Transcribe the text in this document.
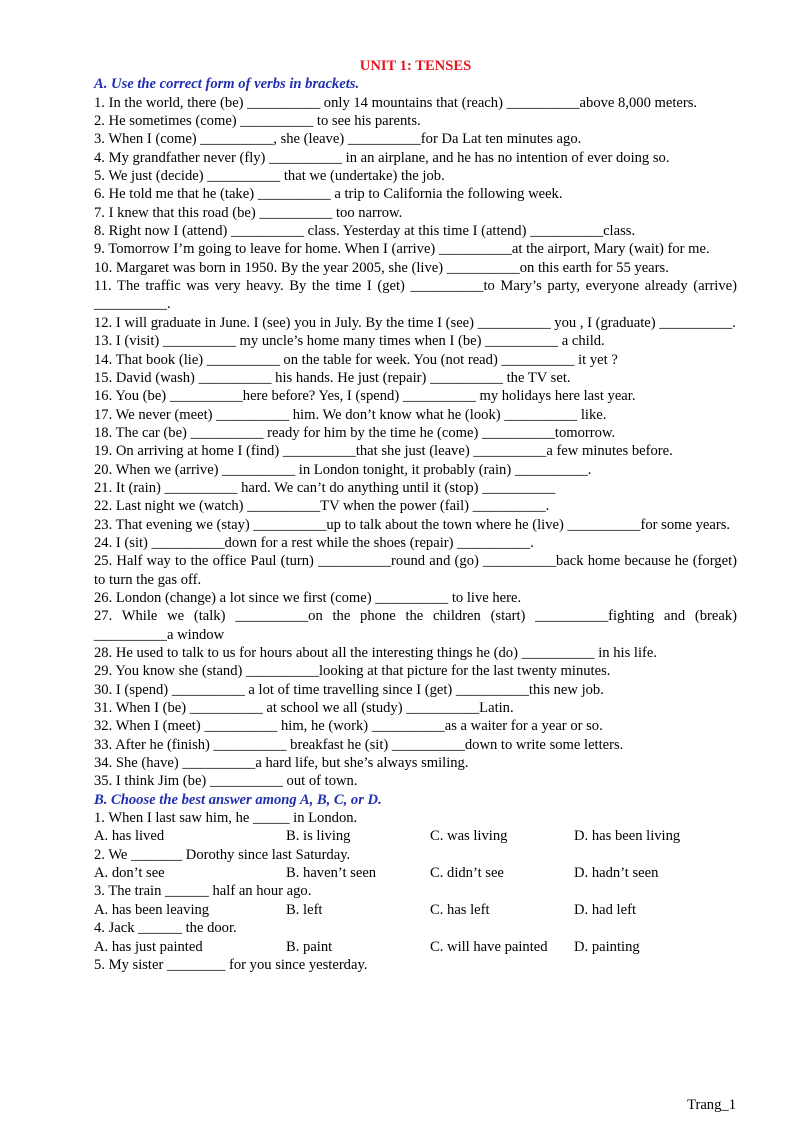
UNIT 1: TENSES
A. Use the correct form of verbs in brackets.
1. In the world, there (be) __________ only 14 mountains that (reach) __________above 8,000 meters.
2. He sometimes (come) __________ to see his parents.
3. When I (come) __________, she (leave) __________for Da Lat ten minutes ago.
4. My grandfather never (fly) __________ in an airplane, and he has no intention of ever doing so.
5. We just (decide) __________ that we (undertake) the job.
6. He told me that he (take) __________ a trip to California the following week.
7. I knew that this road (be) __________ too narrow.
8. Right now I (attend) __________ class. Yesterday at this time I (attend) __________class.
9. Tomorrow I’m going to leave for home. When I (arrive) __________at the airport, Mary (wait) for me.
10. Margaret was born in 1950. By the year 2005, she (live) __________on this earth for 55 years.
11. The traffic was very heavy. By the time I (get) __________to Mary’s party, everyone already (arrive) __________.
12. I will graduate in June. I (see) you in July. By the time I (see) __________ you , I (graduate) __________.
13. I (visit) __________ my uncle’s home many times when I (be) __________ a child.
14. That book (lie) __________ on the table for week. You (not read) __________ it yet ?
15. David (wash) __________ his hands. He just (repair) __________ the TV set.
16. You (be) __________here before? Yes, I (spend) __________ my holidays here last year.
17. We never (meet) __________ him. We don’t know what he (look) __________ like.
18. The car (be) __________ ready for him by the time he (come) __________tomorrow.
19. On arriving at home I (find) __________that she just (leave) __________a few minutes before.
20. When we (arrive) __________ in London tonight, it probably (rain) __________.
21. It (rain) __________ hard. We can’t do anything until it (stop) __________
22. Last night we (watch) __________TV when the power (fail) __________.
23. That evening we (stay) __________up to talk about the town where he (live) __________for some years.
24. I (sit) __________down for a rest while the shoes (repair) __________.
25. Half way to the office Paul (turn) __________round and (go) __________back home because he (forget) to turn the gas off.
26. London (change) a lot since we first (come) __________ to live here.
27. While we (talk) __________on the phone the children (start) __________fighting and (break) __________a window
28. He used to talk to us for hours about all the interesting things he (do) __________ in his life.
29. You know she (stand) __________looking at that picture for the last twenty minutes.
30. I (spend) __________ a lot of time travelling since I (get) __________this new job.
31. When I (be) __________ at school we all (study) __________Latin.
32. When I (meet) __________ him, he (work) __________as a waiter for a year or so.
33. After he (finish) __________ breakfast he (sit) __________down to write some letters.
34. She (have) __________a hard life, but she’s always smiling.
35. I think Jim (be) __________ out of town.
B. Choose the best answer among A, B, C, or D.
1. When I last saw him, he _____ in London.
A. has lived	B. is living	C. was living	D. has been living
2. We _______ Dorothy since last Saturday.
A. don’t see	B. haven’t seen	C. didn’t see	D. hadn’t seen
3. The train ______ half an hour ago.
A. has been leaving	B. left	C. has left	D. had left
4. Jack ______ the door.
A. has just painted	B. paint	C. will have painted	D. painting
5. My sister ________ for you since yesterday.
Trang_1
